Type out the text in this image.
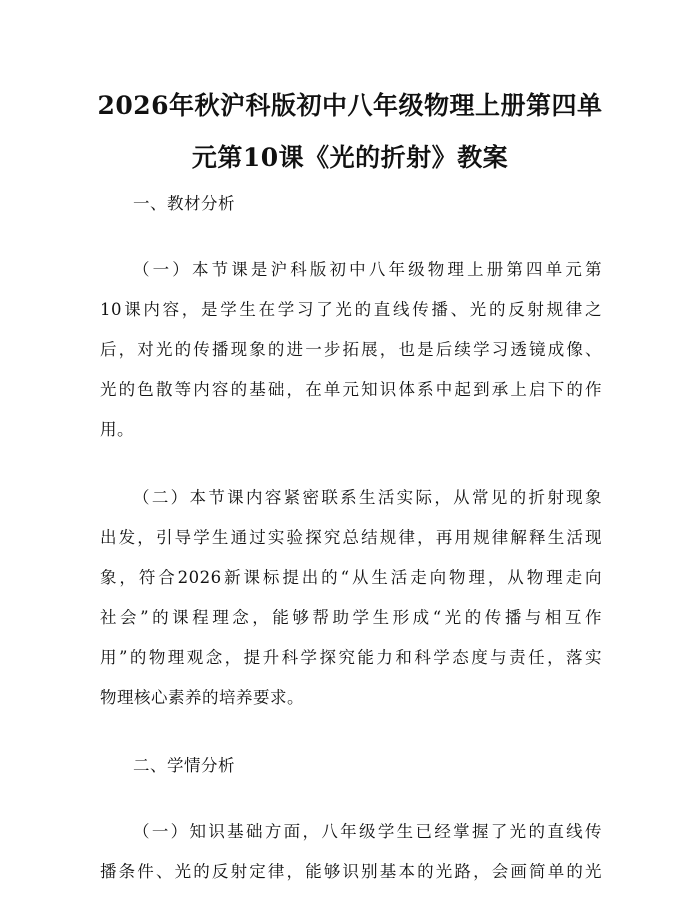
2026年秋沪科版初中八年级物理上册第四单
元第10课《光的折射》教案
一、教材分析
（一）本节课是沪科版初中八年级物理上册第四单元第
10课内容，是学生在学习了光的直线传播、光的反射规律之
后，对光的传播现象的进一步拓展，也是后续学习透镜成像、
光的色散等内容的基础，在单元知识体系中起到承上启下的作
用。
（二）本节课内容紧密联系生活实际，从常见的折射现象
出发，引导学生通过实验探究总结规律，再用规律解释生活现
象，符合2026新课标提出的“从生活走向物理，从物理走向
社会”的课程理念，能够帮助学生形成“光的传播与相互作
用”的物理观念，提升科学探究能力和科学态度与责任，落实
物理核心素养的培养要求。
二、学情分析
（一）知识基础方面，八年级学生已经掌握了光的直线传
播条件、光的反射定律，能够识别基本的光路，会画简单的光
